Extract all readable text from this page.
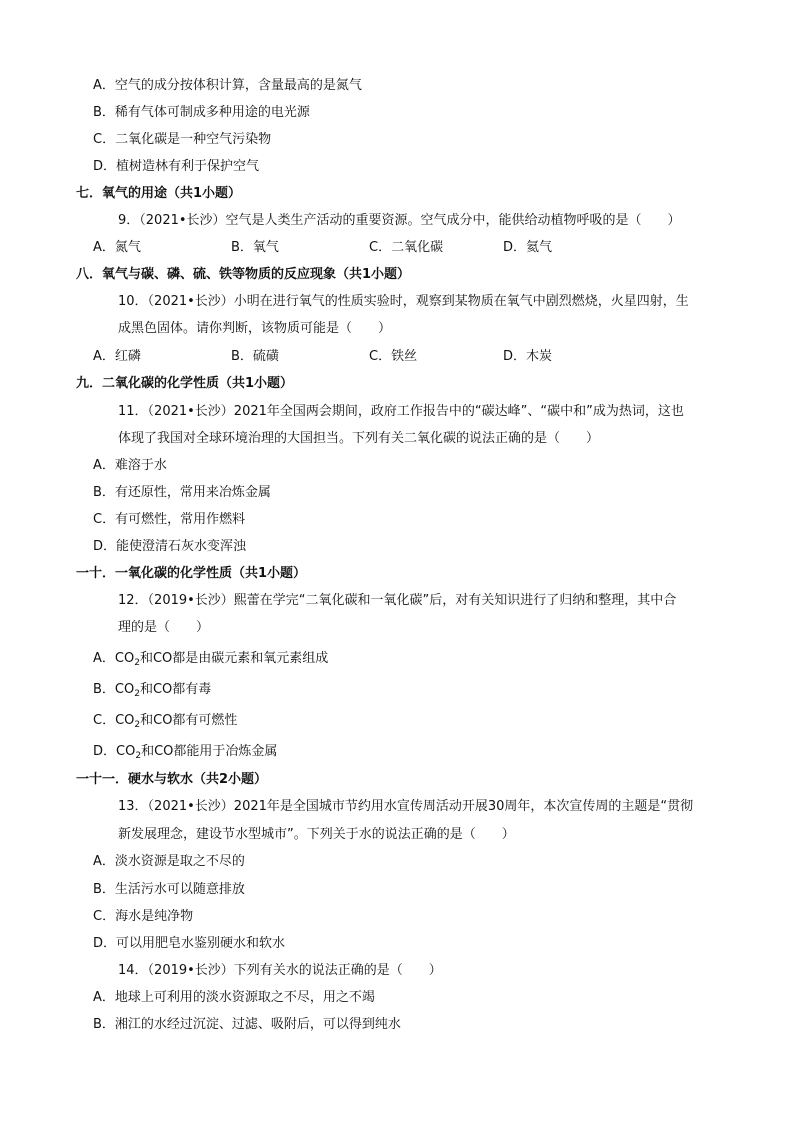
A．空气的成分按体积计算，含量最高的是氮气
B．稀有气体可制成多种用途的电光源
C．二氧化碳是一种空气污染物
D．植树造林有利于保护空气
七．氧气的用途（共1小题）
9．（2021•长沙）空气是人类生产活动的重要资源。空气成分中，能供给动植物呼吸的是（　　）
A．氮气	B．氧气	C．二氧化碳	D．氦气
八．氧气与碳、磷、硫、铁等物质的反应现象（共1小题）
10．（2021•长沙）小明在进行氧气的性质实验时，观察到某物质在氧气中剧烈燃烧，火星四射，生
成黑色固体。请你判断，该物质可能是（　　）
A．红磷	B．硫磺	C．铁丝	D．木炭
九．二氧化碳的化学性质（共1小题）
11．（2021•长沙）2021年全国两会期间，政府工作报告中的“碳达峰”、“碳中和”成为热词，这也
体现了我国对全球环境治理的大国担当。下列有关二氧化碳的说法正确的是（　　）
A．难溶于水
B．有还原性，常用来冶炼金属
C．有可燃性，常用作燃料
D．能使澄清石灰水变浑浊
一十．一氧化碳的化学性质（共1小题）
12．（2019•长沙）熙蕾在学完“二氧化碳和一氧化碳”后，对有关知识进行了归纳和整理，其中合
理的是（　　）
A．$CO_2$和CO都是由碳元素和氧元素组成
B．$CO_2$和CO都有毒
C．$CO_2$和CO都有可燃性
D．$CO_2$和CO都能用于冶炼金属
一十一．硬水与软水（共2小题）
13．（2021•长沙）2021年是全国城市节约用水宣传周活动开展30周年，本次宣传周的主题是“贯彻
新发展理念，建设节水型城市”。下列关于水的说法正确的是（　　）
A．淡水资源是取之不尽的
B．生活污水可以随意排放
C．海水是纯净物
D．可以用肥皂水鉴别硬水和软水
14．（2019•长沙）下列有关水的说法正确的是（　　）
A．地球上可利用的淡水资源取之不尽，用之不竭
B．湘江的水经过沉淀、过滤、吸附后，可以得到纯水
